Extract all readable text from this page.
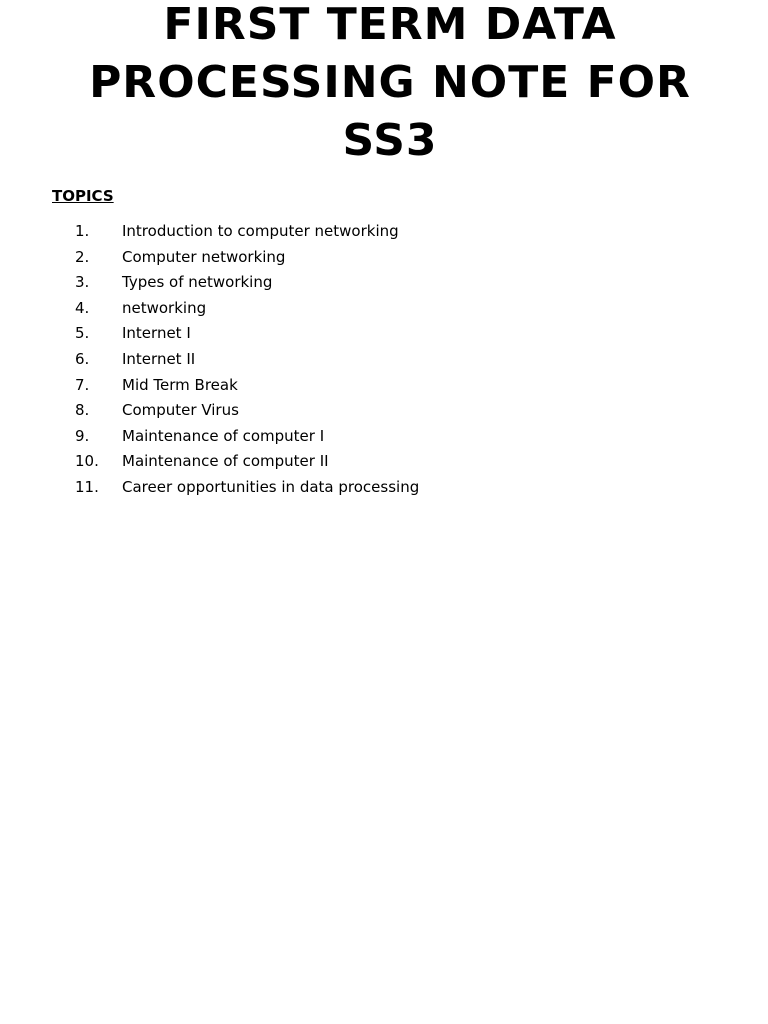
FIRST TERM DATA PROCESSING NOTE FOR SS3
TOPICS
1. Introduction to computer networking
2. Computer networking
3. Types of networking
4. networking
5. Internet I
6. Internet II
7. Mid Term Break
8. Computer Virus
9. Maintenance of computer I
10. Maintenance of computer II
11. Career opportunities in data processing
